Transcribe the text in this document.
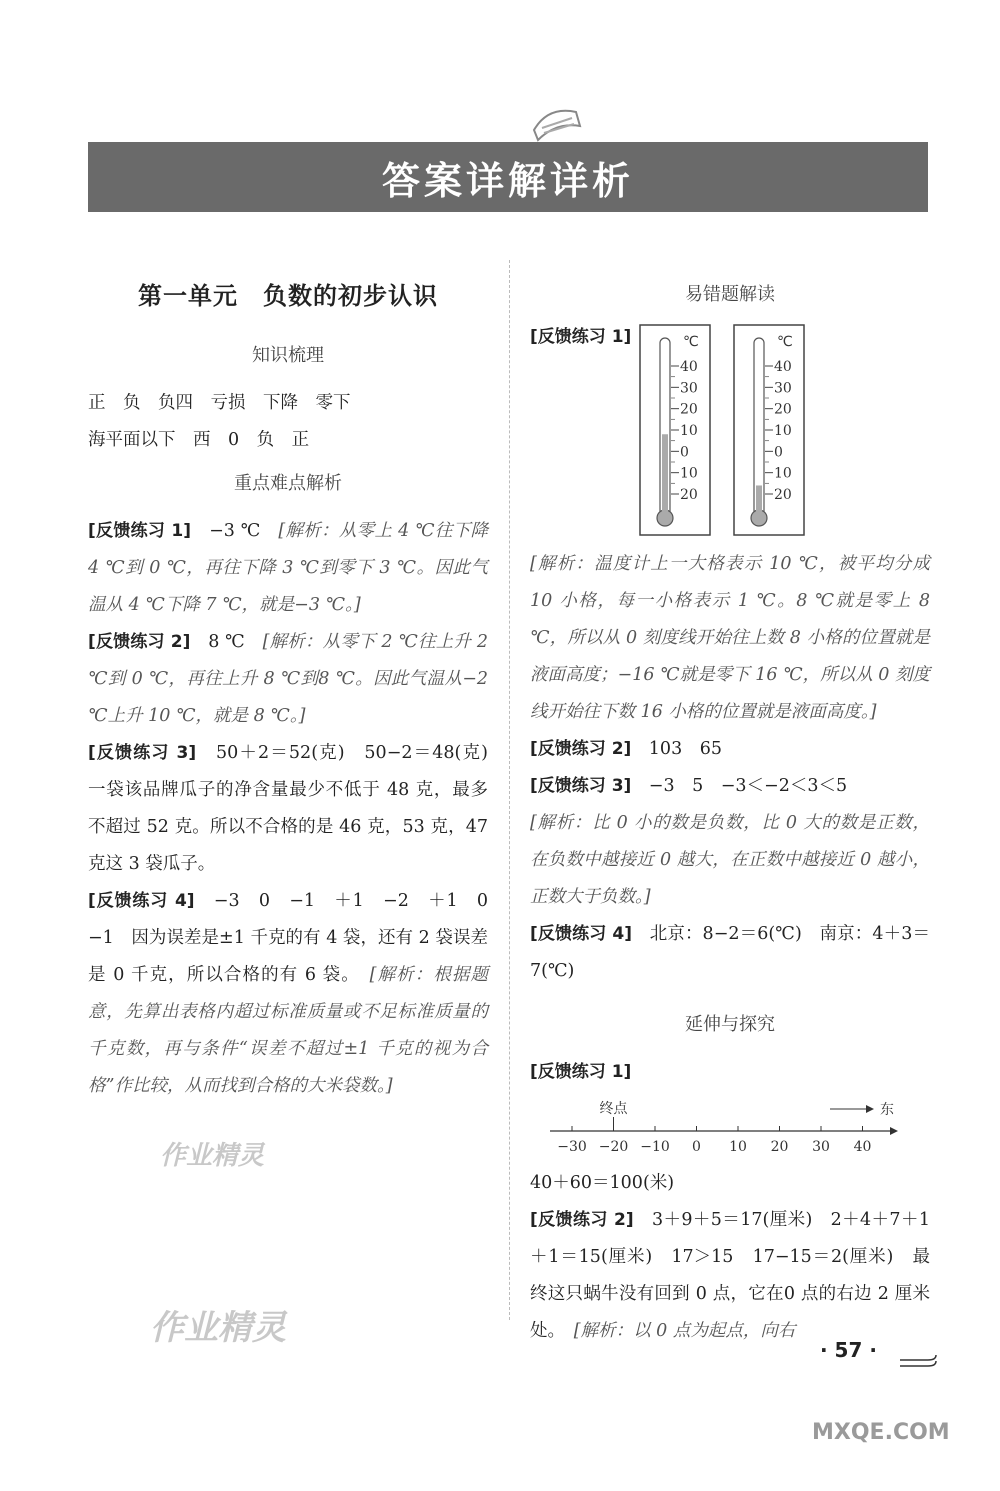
答案详解详析
第一单元　负数的初步认识
知识梳理
正　负　负四　亏损　下降　零下
海平面以下　西　0　负　正
重点难点解析

[反馈练习 1]　−3 ℃　[解析：从零上 4 ℃往下降 4 ℃到 0 ℃，再往下降 3 ℃到零下 3 ℃。因此气温从 4 ℃下降 7 ℃，就是−3 ℃。]

[反馈练习 2]　8 ℃　[解析：从零下 2 ℃往上升 2 ℃到 0 ℃，再往上升 8 ℃到8 ℃。因此气温从−2 ℃上升 10 ℃，就是 8 ℃。]

[反馈练习 3]　50＋2＝52(克)　50−2＝48(克)　一袋该品牌瓜子的净含量最少不低于 48 克，最多不超过 52 克。所以不合格的是 46 克，53 克，47 克这 3 袋瓜子。

[反馈练习 4]　−3　0　−1　＋1　−2　＋1　0　−1　因为误差是±1 千克的有 4 袋，还有 2 袋误差是 0 千克，所以合格的有 6 袋。　[解析：根据题意，先算出表格内超过标准质量或不足标准质量的千克数，再与条件“误差不超过±1 千克的视为合格”作比较，从而找到合格的大米袋数。]

易错题解读
[反馈练习 1]	℃
40
30
20
10
0
10
20
℃
40
30
20
10
0
10
20

[解析：温度计上一大格表示 10 ℃，被平均分成 10 小格，每一小格表示 1 ℃。8 ℃就是零上 8 ℃，所以从 0 刻度线开始往上数 8 小格的位置就是液面高度；−16 ℃就是零下 16 ℃，所以从 0 刻度线开始往下数 16 小格的位置就是液面高度。]

[反馈练习 2]　103　65

[反馈练习 3]　−3　5　−3＜−2＜3＜5
[解析：比 0 小的数是负数，比 0 大的数是正数，在负数中越接近 0 越大，在正数中越接近 0 越小，正数大于负数。]

[反馈练习 4]　北京：8−2＝6(℃)　南京：4＋3＝7(℃)

延伸与探究

[反馈练习 1]

−30 −20 −10 0 10 20 30 40
终点	东

40＋60＝100(米)

[反馈练习 2]　3＋9＋5＝17(厘米)　2＋4＋7＋1＋1＝15(厘米)　17＞15　17−15＝2(厘米)　最终这只蜗牛没有回到 0 点，它在0 点的右边 2 厘米处。　[解析：以 0 点为起点，向右

作业精灵
作业精灵
MXQE.COM
· 57 ·
